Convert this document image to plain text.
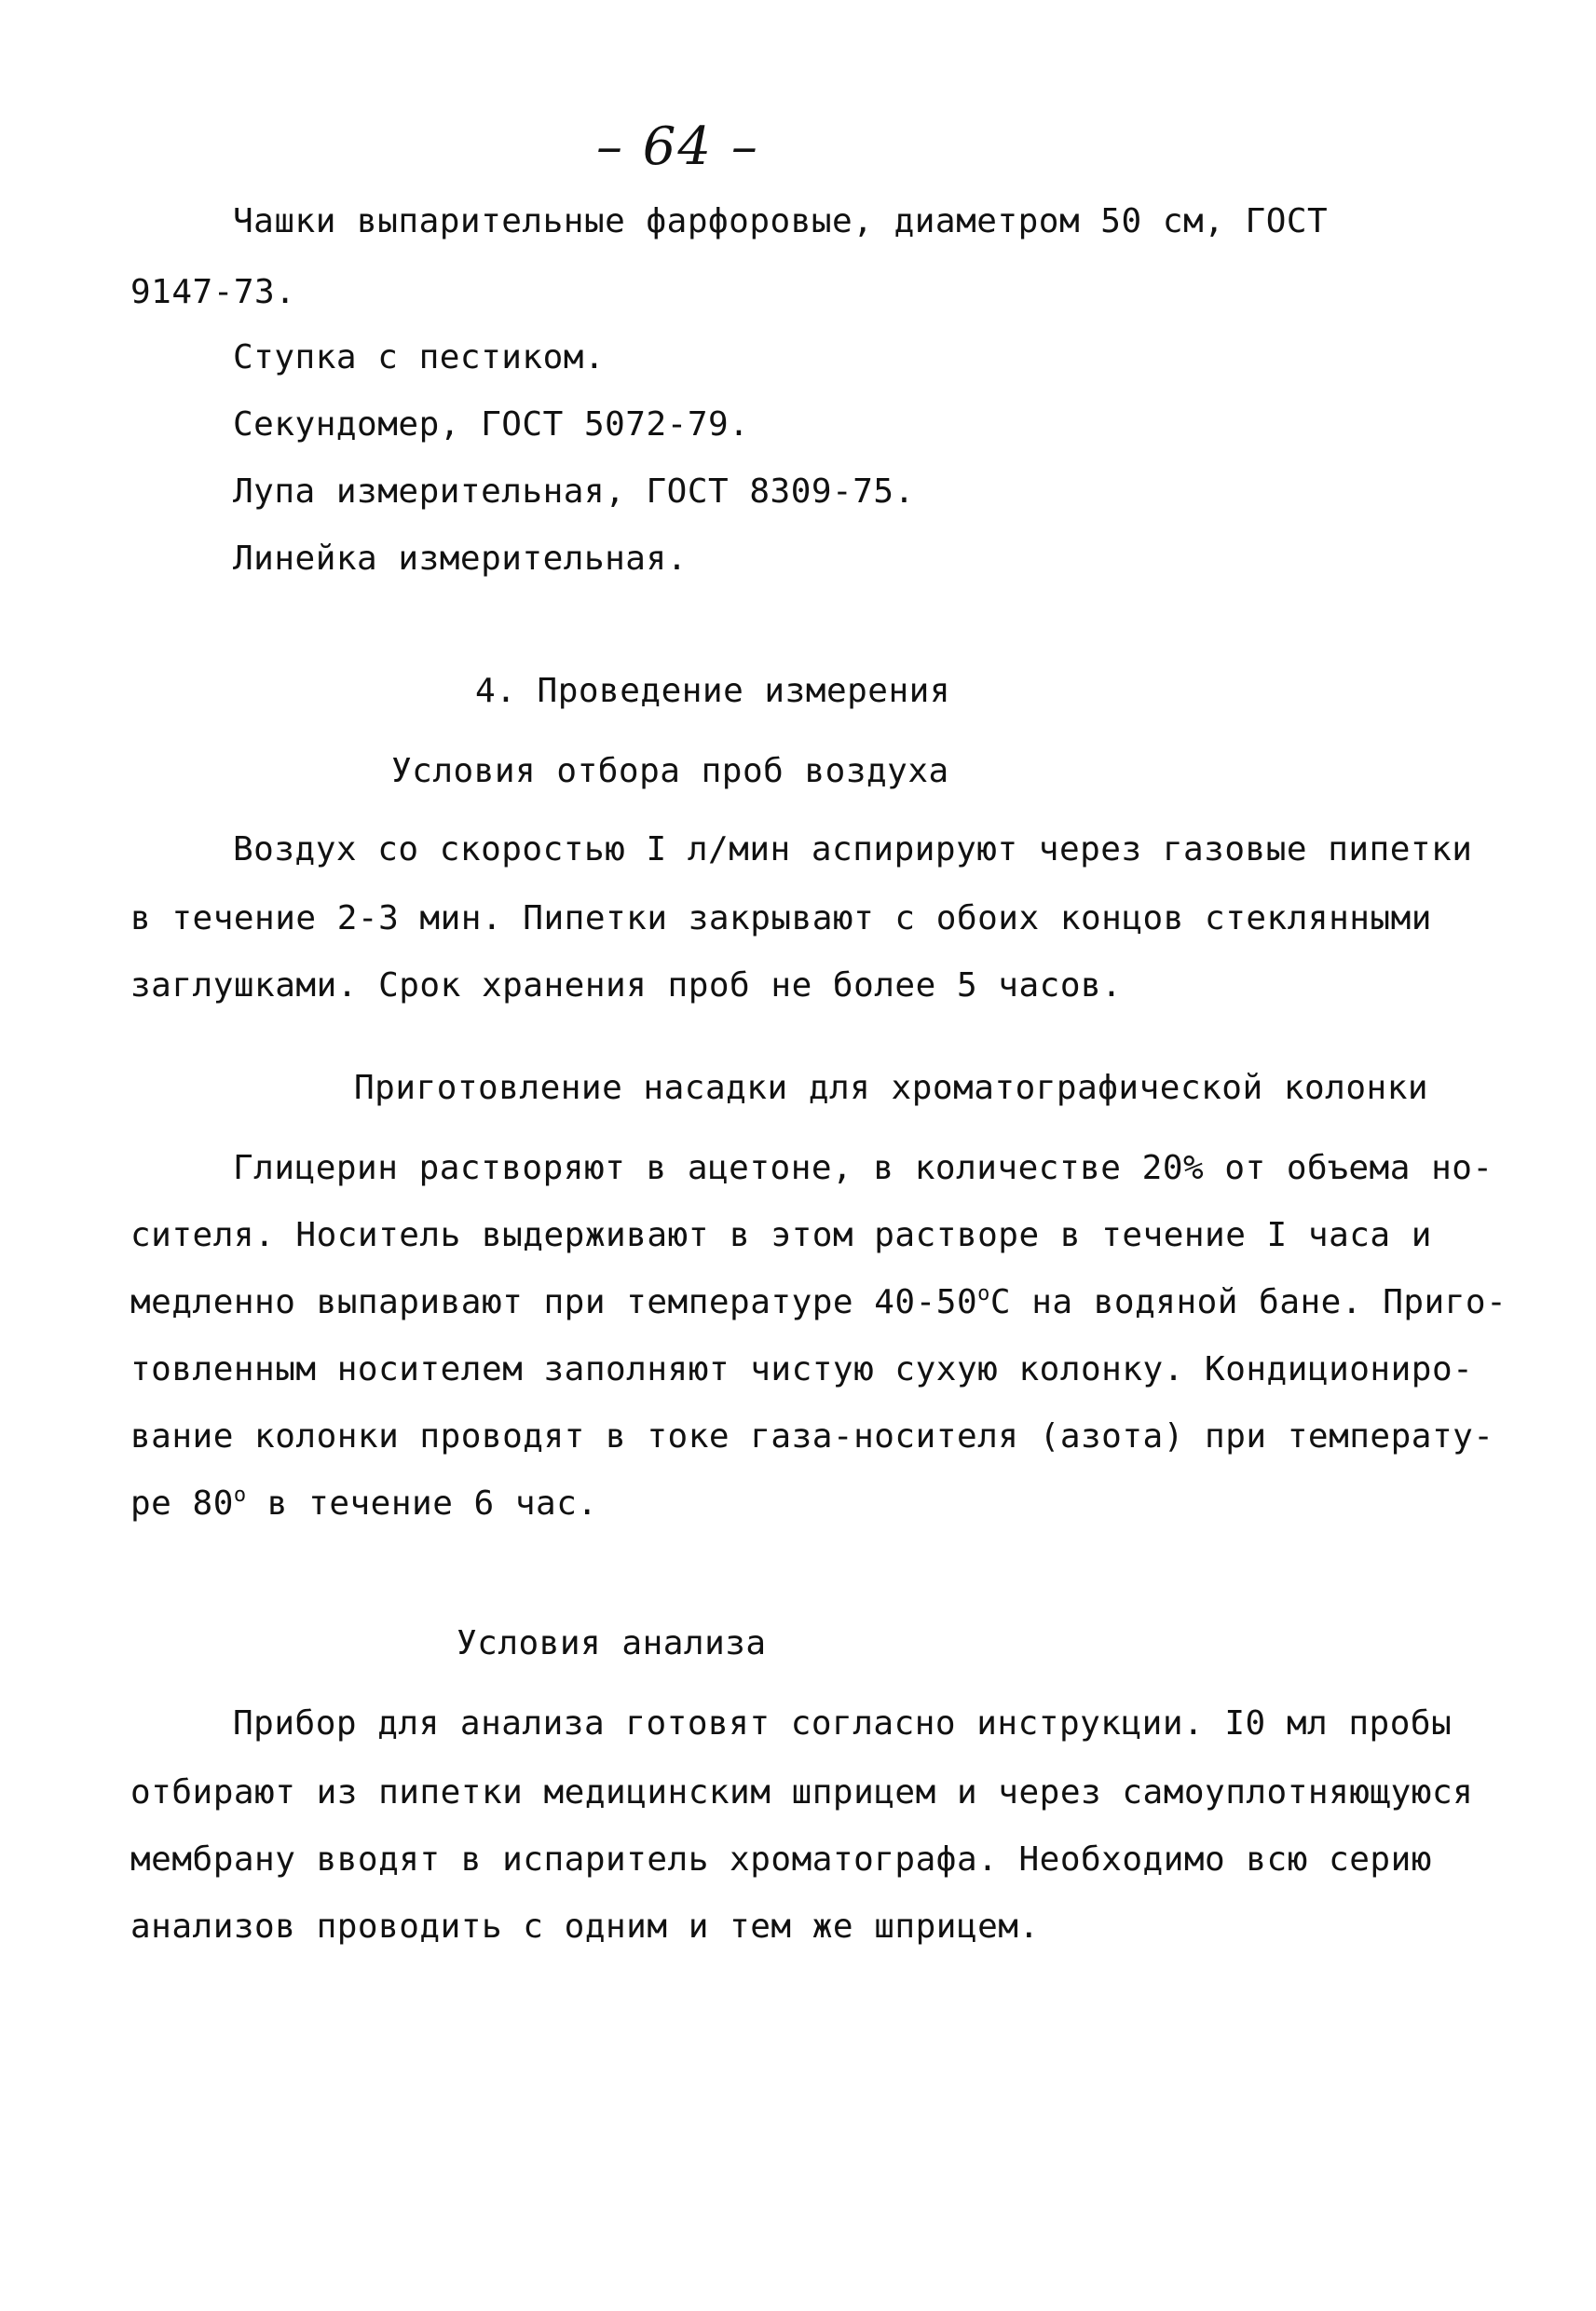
– 64 –
Чашки выпарительные фарфоровые, диаметром 50 см, ГОСТ
9147-73.
Ступка с пестиком.
Секундомер, ГОСТ 5072-79.
Лупа измерительная, ГОСТ 8309-75.
Линейка измерительная.
4. Проведение измерения
Условия отбора проб воздуха
Воздух со скоростью I л/мин аспирируют через газовые пипетки
в течение 2-3 мин. Пипетки закрывают с обоих концов стеклянными
заглушками. Срок хранения проб не более 5 часов.
Приготовление насадки для хроматографической колонки
Глицерин растворяют в ацетоне, в количестве 20% от объема но-
сителя. Носитель выдерживают в этом растворе в течение I часа и
медленно выпаривают при температуре 40-50$^o$С на водяной бане. Приго-
товленным носителем заполняют чистую сухую колонку. Кондициониро-
вание колонки проводят в токе газа-носителя (азота) при температу-
ре 80$^o$ в течение 6 час.
Условия анализа
Прибор для анализа готовят согласно инструкции. I0 мл пробы
отбирают из пипетки медицинским шприцем и через самоуплотняющуюся
мембрану вводят в испаритель хроматографа. Необходимо всю серию
анализов проводить с одним и тем же шприцем.
